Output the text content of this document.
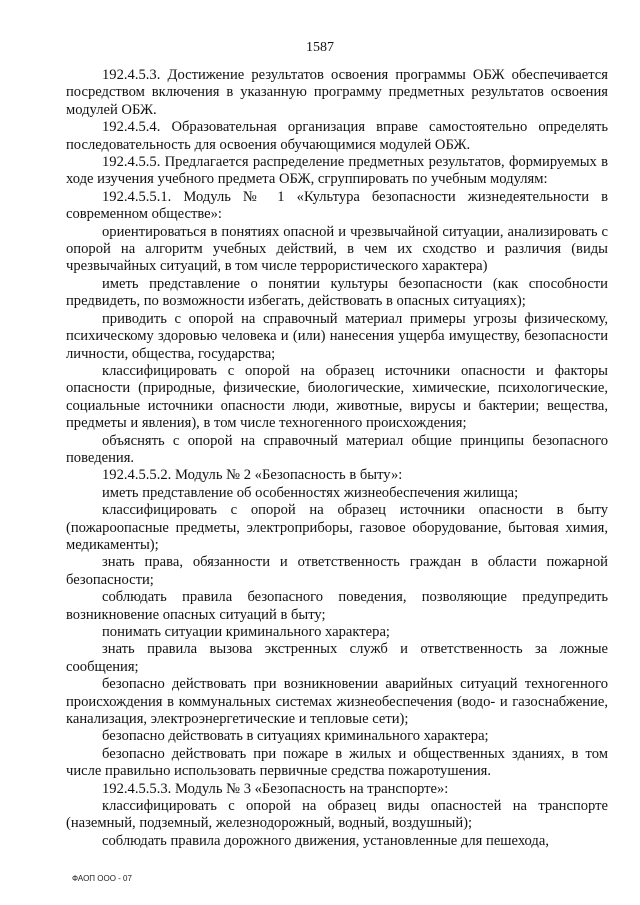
1587

192.4.5.3. Достижение результатов освоения программы ОБЖ обеспечивается посредством включения в указанную программу предметных результатов освоения модулей ОБЖ.

192.4.5.4. Образовательная организация вправе самостоятельно определять последовательность для освоения обучающимися модулей ОБЖ.

192.4.5.5. Предлагается распределение предметных результатов, формируемых в ходе изучения учебного предмета ОБЖ, сгруппировать по учебным модулям:

192.4.5.5.1. Модуль № 1 «Культура безопасности жизнедеятельности в современном обществе»:

ориентироваться в понятиях опасной и чрезвычайной ситуации, анализировать с опорой на алгоритм учебных действий, в чем их сходство и различия (виды чрезвычайных ситуаций, в том числе террористического характера)

иметь представление о понятии культуры безопасности (как способности предвидеть, по возможности избегать, действовать в опасных ситуациях);

приводить с опорой на справочный материал примеры угрозы физическому, психическому здоровью человека и (или) нанесения ущерба имуществу, безопасности личности, общества, государства;

классифицировать с опорой на образец источники опасности и факторы опасности (природные, физические, биологические, химические, психологические, социальные источники опасности люди, животные, вирусы и бактерии; вещества, предметы и явления), в том числе техногенного происхождения;

объяснять с опорой на справочный материал общие принципы безопасного поведения.

192.4.5.5.2. Модуль № 2 «Безопасность в быту»:

иметь представление об особенностях жизнеобеспечения жилища;

классифицировать с опорой на образец источники опасности в быту (пожароопасные предметы, электроприборы, газовое оборудование, бытовая химия, медикаменты);

знать права, обязанности и ответственность граждан в области пожарной безопасности;

соблюдать правила безопасного поведения, позволяющие предупредить возникновение опасных ситуаций в быту;

понимать ситуации криминального характера;

знать правила вызова экстренных служб и ответственность за ложные сообщения;

безопасно действовать при возникновении аварийных ситуаций техногенного происхождения в коммунальных системах жизнеобеспечения (водо- и газоснабжение, канализация, электроэнергетические и тепловые сети);

безопасно действовать в ситуациях криминального характера;

безопасно действовать при пожаре в жилых и общественных зданиях, в том числе правильно использовать первичные средства пожаротушения.

192.4.5.5.3. Модуль № 3 «Безопасность на транспорте»:

классифицировать с опорой на образец виды опасностей на транспорте (наземный, подземный, железнодорожный, водный, воздушный);

соблюдать правила дорожного движения, установленные для пешехода,

ФАОП ООО - 07
